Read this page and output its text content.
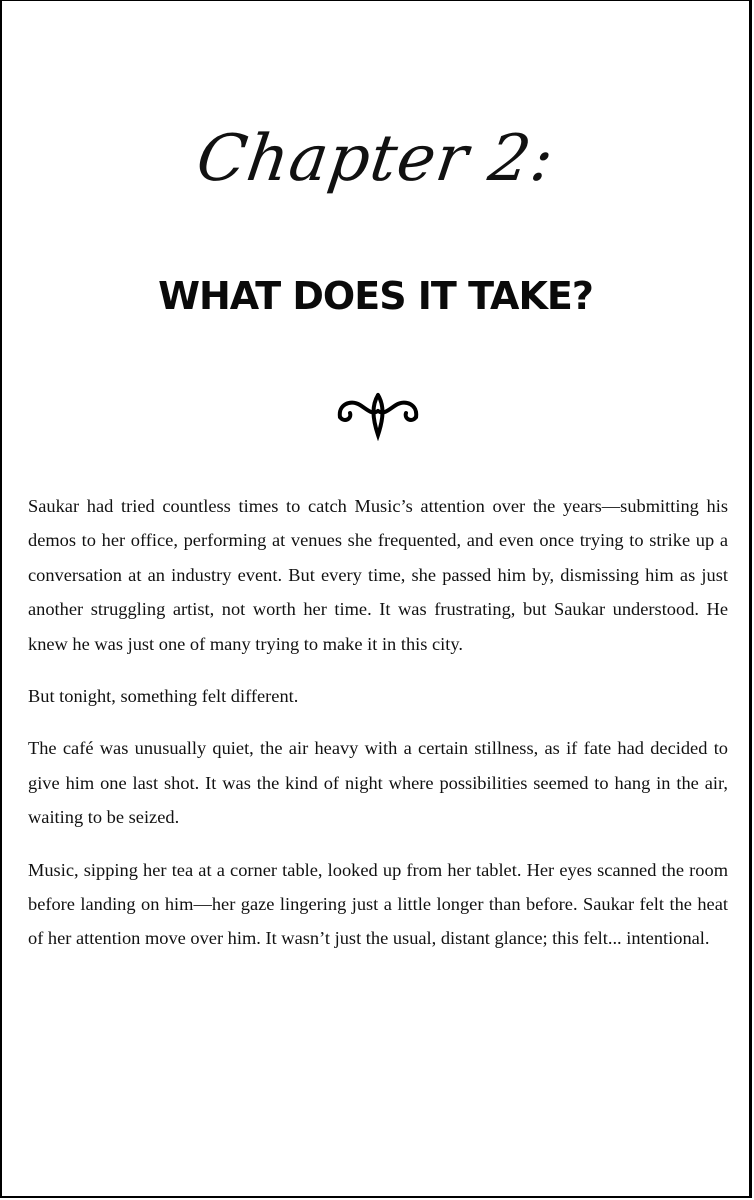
Chapter 2:
WHAT DOES IT TAKE?

Saukar had tried countless times to catch Music’s attention over the years—submitting his demos to her office, performing at venues she frequented, and even once trying to strike up a conversation at an industry event. But every time, she passed him by, dismissing him as just another struggling artist, not worth her time. It was frustrating, but Saukar understood. He knew he was just one of many trying to make it in this city.

But tonight, something felt different.

The café was unusually quiet, the air heavy with a certain stillness, as if fate had decided to give him one last shot. It was the kind of night where possibilities seemed to hang in the air, waiting to be seized.

Music, sipping her tea at a corner table, looked up from her tablet. Her eyes scanned the room before landing on him—her gaze lingering just a little longer than before. Saukar felt the heat of her attention move over him. It wasn’t just the usual, distant glance; this felt... intentional.
